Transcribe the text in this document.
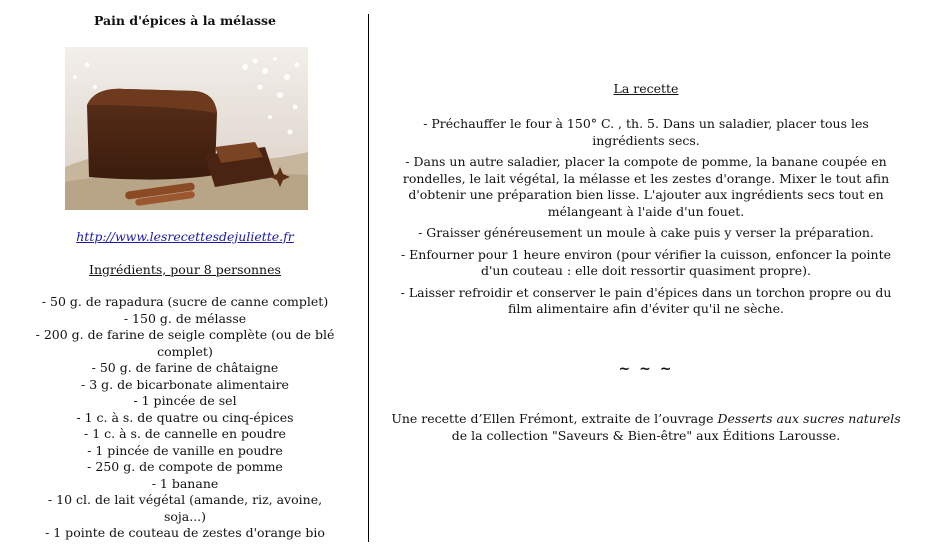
Pain d'épices à la mélasse
http://www.lesrecettesdejuliette.fr
Ingrédients, pour 8 personnes
- 50 g. de rapadura (sucre de canne complet)
- 150 g. de mélasse
- 200 g. de farine de seigle complète (ou de blé complet)
- 50 g. de farine de châtaigne
- 3 g. de bicarbonate alimentaire
- 1 pincée de sel
- 1 c. à s. de quatre ou cinq-épices
- 1 c. à s. de cannelle en poudre
- 1 pincée de vanille en poudre
- 250 g. de compote de pomme
- 1 banane
- 10 cl. de lait végétal (amande, riz, avoine, soja...)
- 1 pointe de couteau de zestes d'orange bio
La recette

- Préchauffer le four à 150° C. , th. 5. Dans un saladier, placer tous les ingrédients secs.

- Dans un autre saladier, placer la compote de pomme, la banane coupée en rondelles, le lait végétal, la mélasse et les zestes d'orange. Mixer le tout afin d'obtenir une préparation bien lisse. L'ajouter aux ingrédients secs tout en mélangeant à l'aide d'un fouet.

- Graisser généreusement un moule à cake puis y verser la préparation.

- Enfourner pour 1 heure environ (pour vérifier la cuisson, enfoncer la pointe d'un couteau : elle doit ressortir quasiment propre).

- Laisser refroidir et conserver le pain d'épices dans un torchon propre ou du film alimentaire afin d'éviter qu'il ne sèche.

~ ~ ~
Une recette d’Ellen Frémont, extraite de l’ouvrage Desserts aux sucres naturels de la collection "Saveurs & Bien-être" aux Éditions Larousse.
